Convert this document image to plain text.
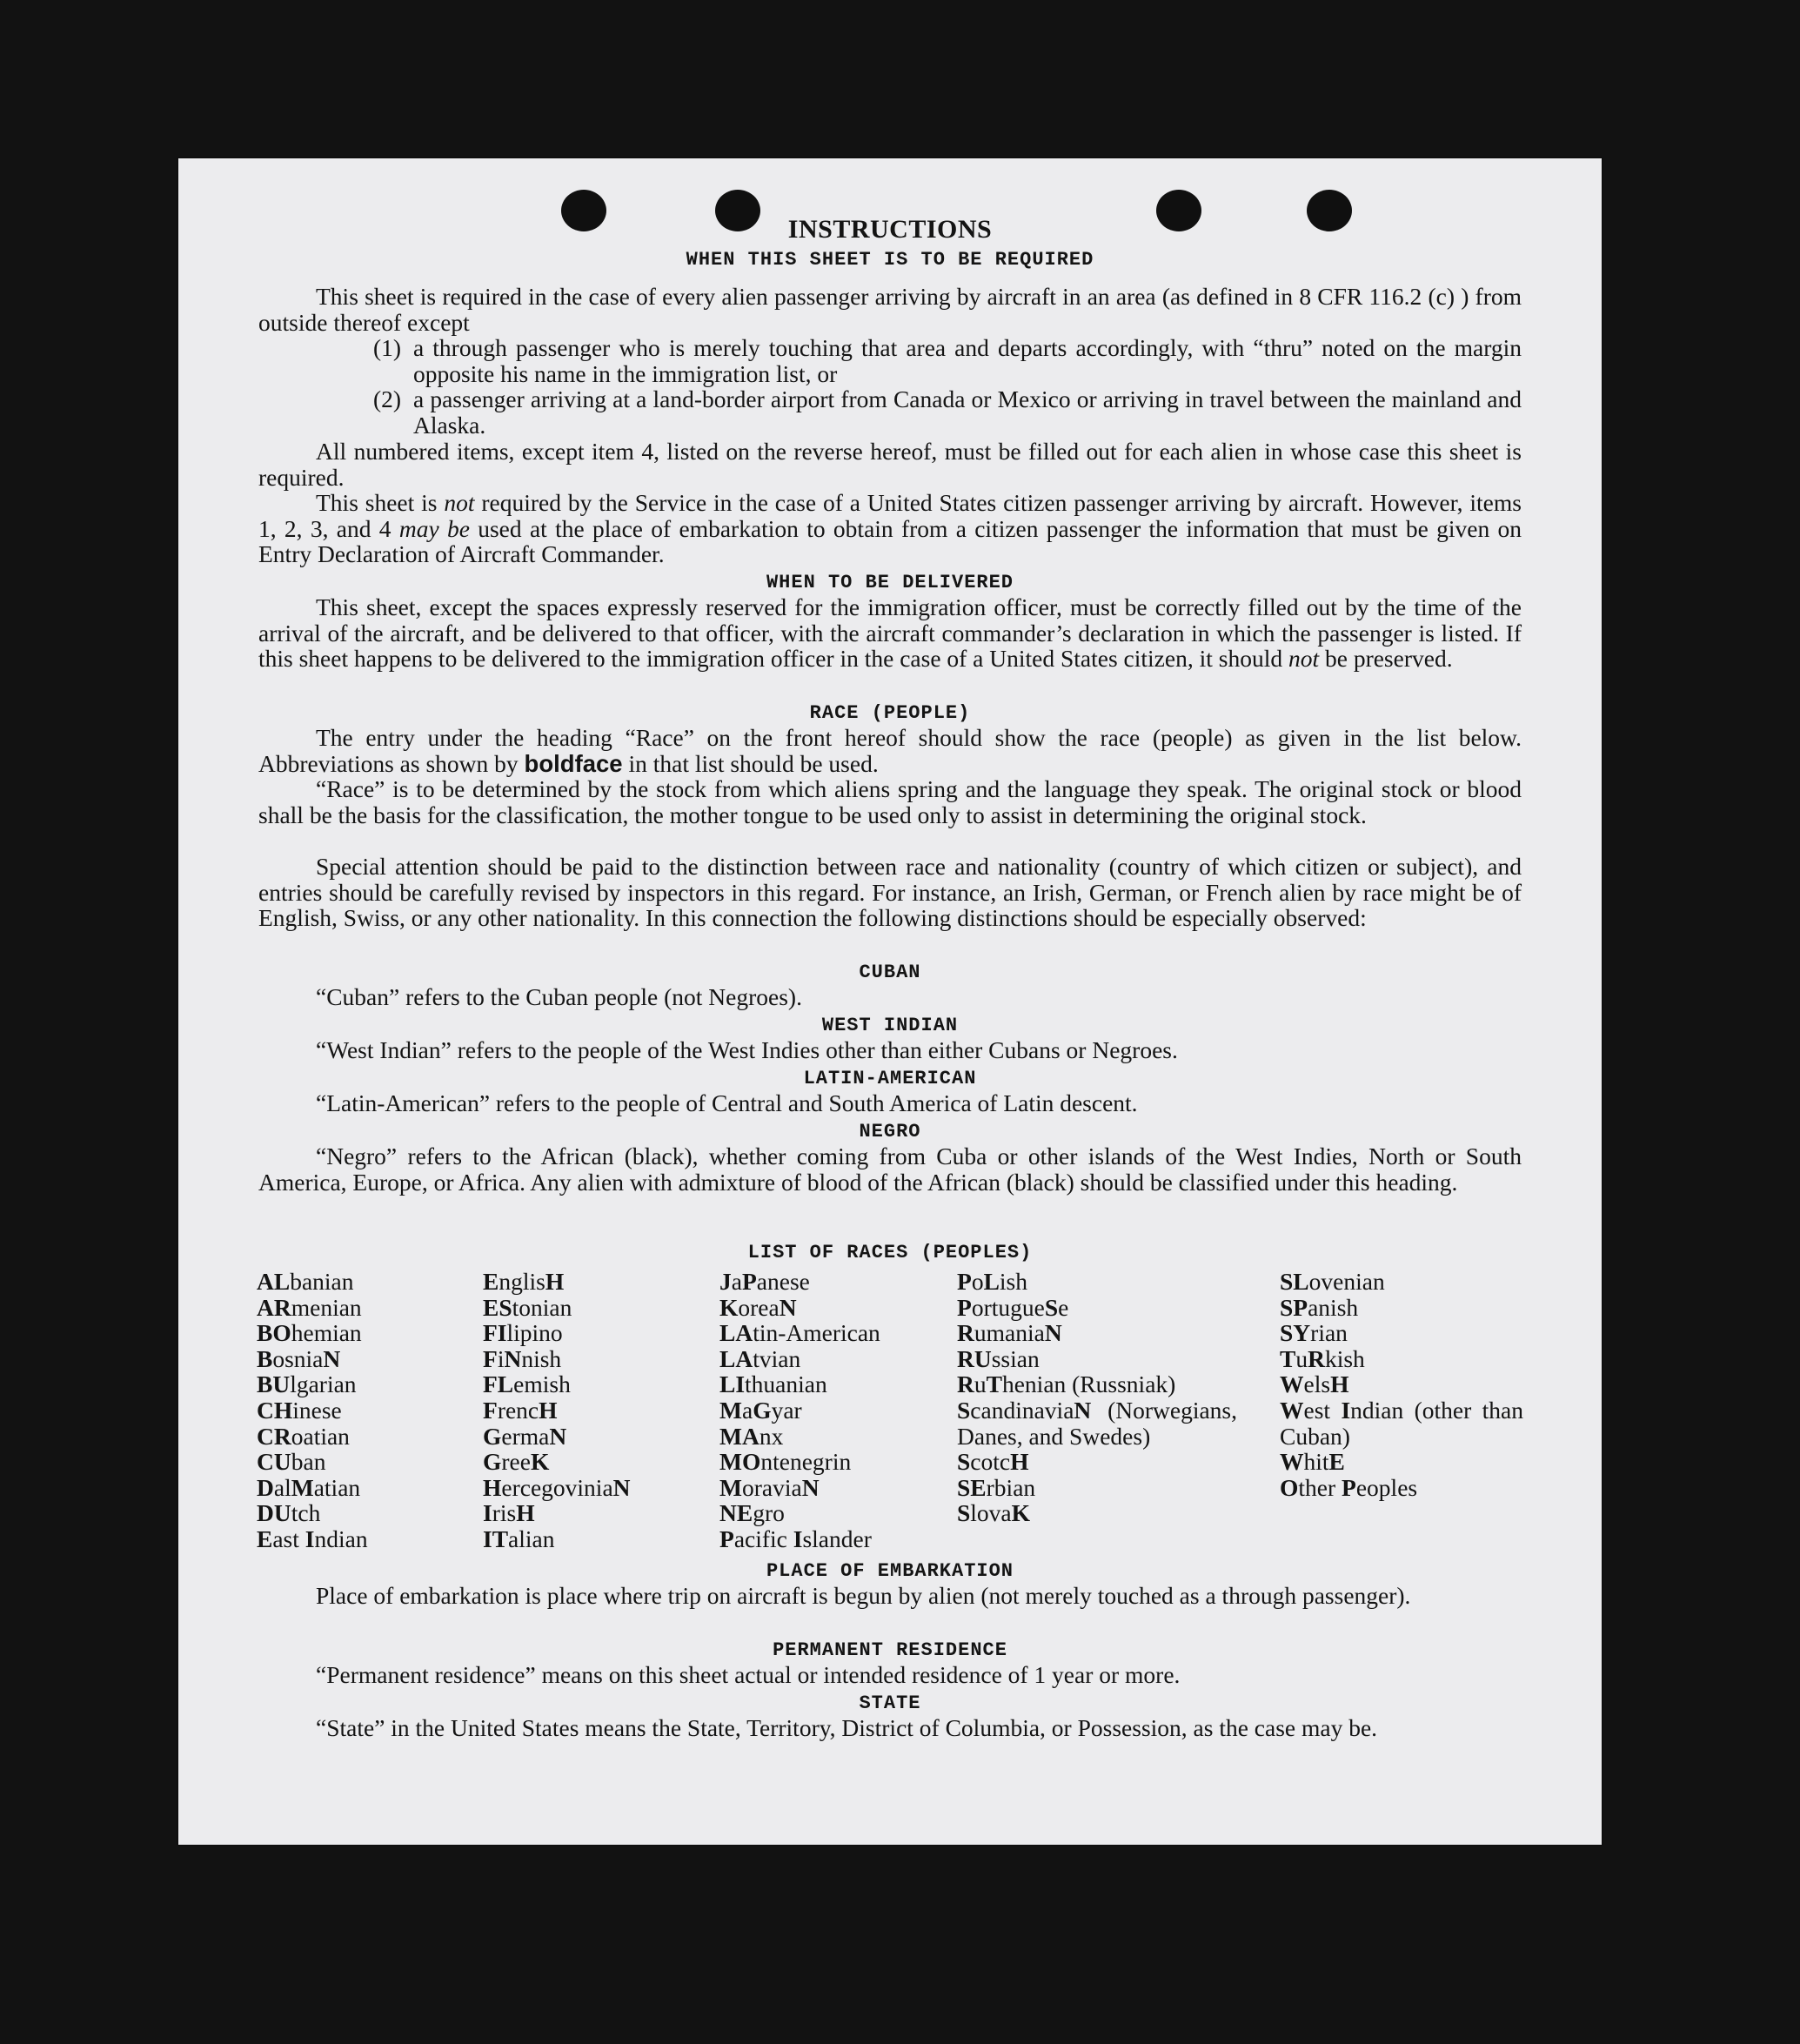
INSTRUCTIONS
WHEN THIS SHEET IS TO BE REQUIRED
This sheet is required in the case of every alien passenger arriving by aircraft in an area (as defined in 8 CFR 116.2 (c) ) from outside thereof except
(1) a through passenger who is merely touching that area and departs accordingly, with “thru” noted on the margin opposite his name in the immigration list, or
(2) a passenger arriving at a land-border airport from Canada or Mexico or arriving in travel between the mainland and Alaska.
All numbered items, except item 4, listed on the reverse hereof, must be filled out for each alien in whose case this sheet is required.
This sheet is not required by the Service in the case of a United States citizen passenger arriving by aircraft. However, items 1, 2, 3, and 4 may be used at the place of embarkation to obtain from a citizen passenger the information that must be given on Entry Declaration of Aircraft Commander.
WHEN TO BE DELIVERED
This sheet, except the spaces expressly reserved for the immigration officer, must be correctly filled out by the time of the arrival of the aircraft, and be delivered to that officer, with the aircraft commander’s declaration in which the passenger is listed. If this sheet happens to be delivered to the immigration officer in the case of a United States citizen, it should not be preserved.
RACE (PEOPLE)
The entry under the heading “Race” on the front hereof should show the race (people) as given in the list below. Abbreviations as shown by boldface in that list should be used.
“Race” is to be determined by the stock from which aliens spring and the language they speak. The original stock or blood shall be the basis for the classification, the mother tongue to be used only to assist in determining the original stock.
Special attention should be paid to the distinction between race and nationality (country of which citizen or subject), and entries should be carefully revised by inspectors in this regard. For instance, an Irish, German, or French alien by race might be of English, Swiss, or any other nationality. In this connection the following distinctions should be especially observed:
CUBAN
“Cuban” refers to the Cuban people (not Negroes).
WEST INDIAN
“West Indian” refers to the people of the West Indies other than either Cubans or Negroes.
LATIN-AMERICAN
“Latin-American” refers to the people of Central and South America of Latin descent.
NEGRO
“Negro” refers to the African (black), whether coming from Cuba or other islands of the West Indies, North or South America, Europe, or Africa. Any alien with admixture of blood of the African (black) should be classified under this heading.
LIST OF RACES (PEOPLES)
ALbanian
ARmenian
BOhemian
BosniaN
BUlgarian
CHinese
CRoatian
CUban
DalMatian
DUtch
East Indian
EnglisH
EStonian
FIlipino
FiNnish
FLemish
FrencH
GermaN
GreeK
HercegoviniaN
IrisH
ITalian
JaPanese
KoreaN
LAtin-American
LAtvian
LIthuanian
MaGyar
MAnx
MOntenegrin
MoraviaN
NEgro
Pacific Islander
PoLish
PortugueSe
RumaniaN
RUssian
RuThenian (Russniak)
ScandinaviaN (Norwegians, Danes, and Swedes)
ScotcH
SErbian
SlovaK
SLovenian
SPanish
SYrian
TuRkish
WelsH
West Indian (other than Cuban)
WhitE
Other Peoples
PLACE OF EMBARKATION
Place of embarkation is place where trip on aircraft is begun by alien (not merely touched as a through passenger).
PERMANENT RESIDENCE
“Permanent residence” means on this sheet actual or intended residence of 1 year or more.
STATE
“State” in the United States means the State, Territory, District of Columbia, or Possession, as the case may be.
